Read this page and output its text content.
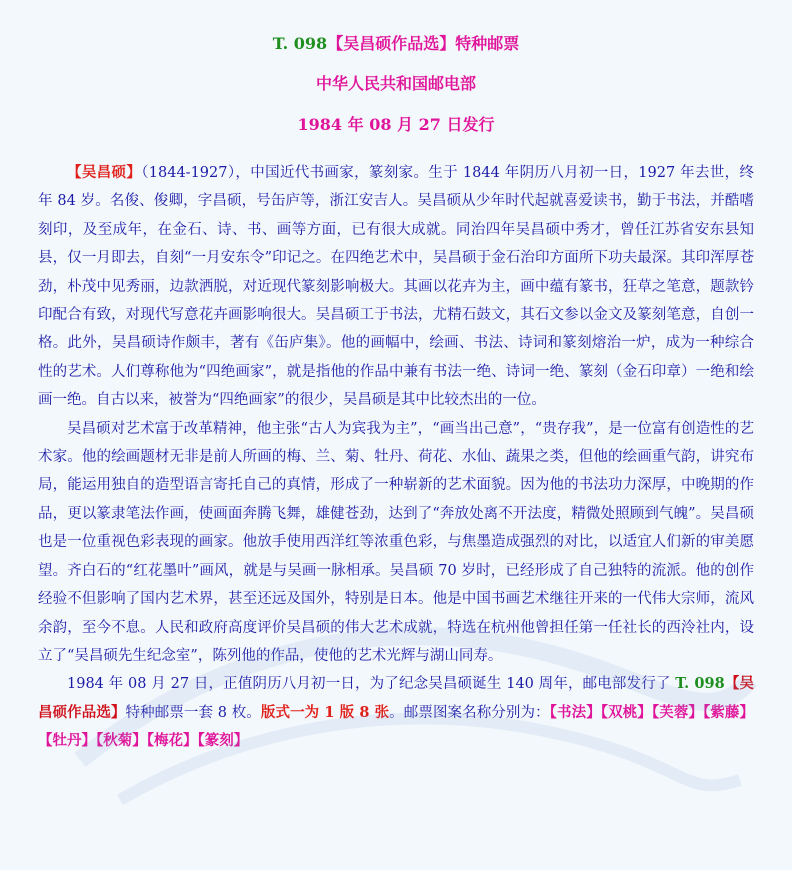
T. 098【吴昌硕作品选】特种邮票
中华人民共和国邮电部
1984 年 08 月 27 日发行

【吴昌硕】（1844-1927），中国近代书画家，篆刻家。生于 1844 年阴历八月初一日，1927 年去世，终年 84 岁。名俊、俊卿，字昌硕，号缶庐等，浙江安吉人。吴昌硕从少年时代起就喜爱读书，勤于书法，并酷嗜刻印，及至成年，在金石、诗、书、画等方面，已有很大成就。同治四年吴昌硕中秀才，曾任江苏省安东县知县，仅一月即去，自刻“一月安东令”印记之。在四绝艺术中，吴昌硕于金石治印方面所下功夫最深。其印浑厚苍劲，朴茂中见秀丽，边款洒脱，对近现代篆刻影响极大。其画以花卉为主，画中蕴有篆书，狂草之笔意，题款钤印配合有致，对现代写意花卉画影响很大。吴昌硕工于书法，尤精石鼓文，其石文参以金文及篆刻笔意，自创一格。此外，吴昌硕诗作颇丰，著有《缶庐集》。他的画幅中，绘画、书法、诗词和篆刻熔治一炉，成为一种综合性的艺术。人们尊称他为“四绝画家”，就是指他的作品中兼有书法一绝、诗词一绝、篆刻（金石印章）一绝和绘画一绝。自古以来，被誉为“四绝画家”的很少，吴昌硕是其中比较杰出的一位。

吴昌硕对艺术富于改革精神，他主张“古人为宾我为主”，“画当出己意”，“贵存我”，是一位富有创造性的艺术家。他的绘画题材无非是前人所画的梅、兰、菊、牡丹、荷花、水仙、蔬果之类，但他的绘画重气韵，讲究布局，能运用独自的造型语言寄托自己的真情，形成了一种崭新的艺术面貌。因为他的书法功力深厚，中晚期的作品，更以篆隶笔法作画，使画面奔腾飞舞，雄健苍劲，达到了“奔放处离不开法度，精微处照顾到气魄”。吴昌硕也是一位重视色彩表现的画家。他放手使用西洋红等浓重色彩，与焦墨造成强烈的对比，以适宜人们新的审美愿望。齐白石的“红花墨叶”画风，就是与吴画一脉相承。吴昌硕 70 岁时，已经形成了自己独特的流派。他的创作经验不但影响了国内艺术界，甚至还远及国外，特别是日本。他是中国书画艺术继往开来的一代伟大宗师，流风余韵，至今不息。人民和政府高度评价吴昌硕的伟大艺术成就，特选在杭州他曾担任第一任社长的西泠社内，设立了“吴昌硕先生纪念室”，陈列他的作品，使他的艺术光辉与湖山同寿。

1984 年 08 月 27 日，正值阴历八月初一日，为了纪念吴昌硕诞生 140 周年，邮电部发行了 T. 098【吴昌硕作品选】特种邮票一套 8 枚。版式一为 1 版 8 张。邮票图案名称分别为：【书法】【双桃】【芙蓉】【紫藤】【牡丹】【秋菊】【梅花】【篆刻】
